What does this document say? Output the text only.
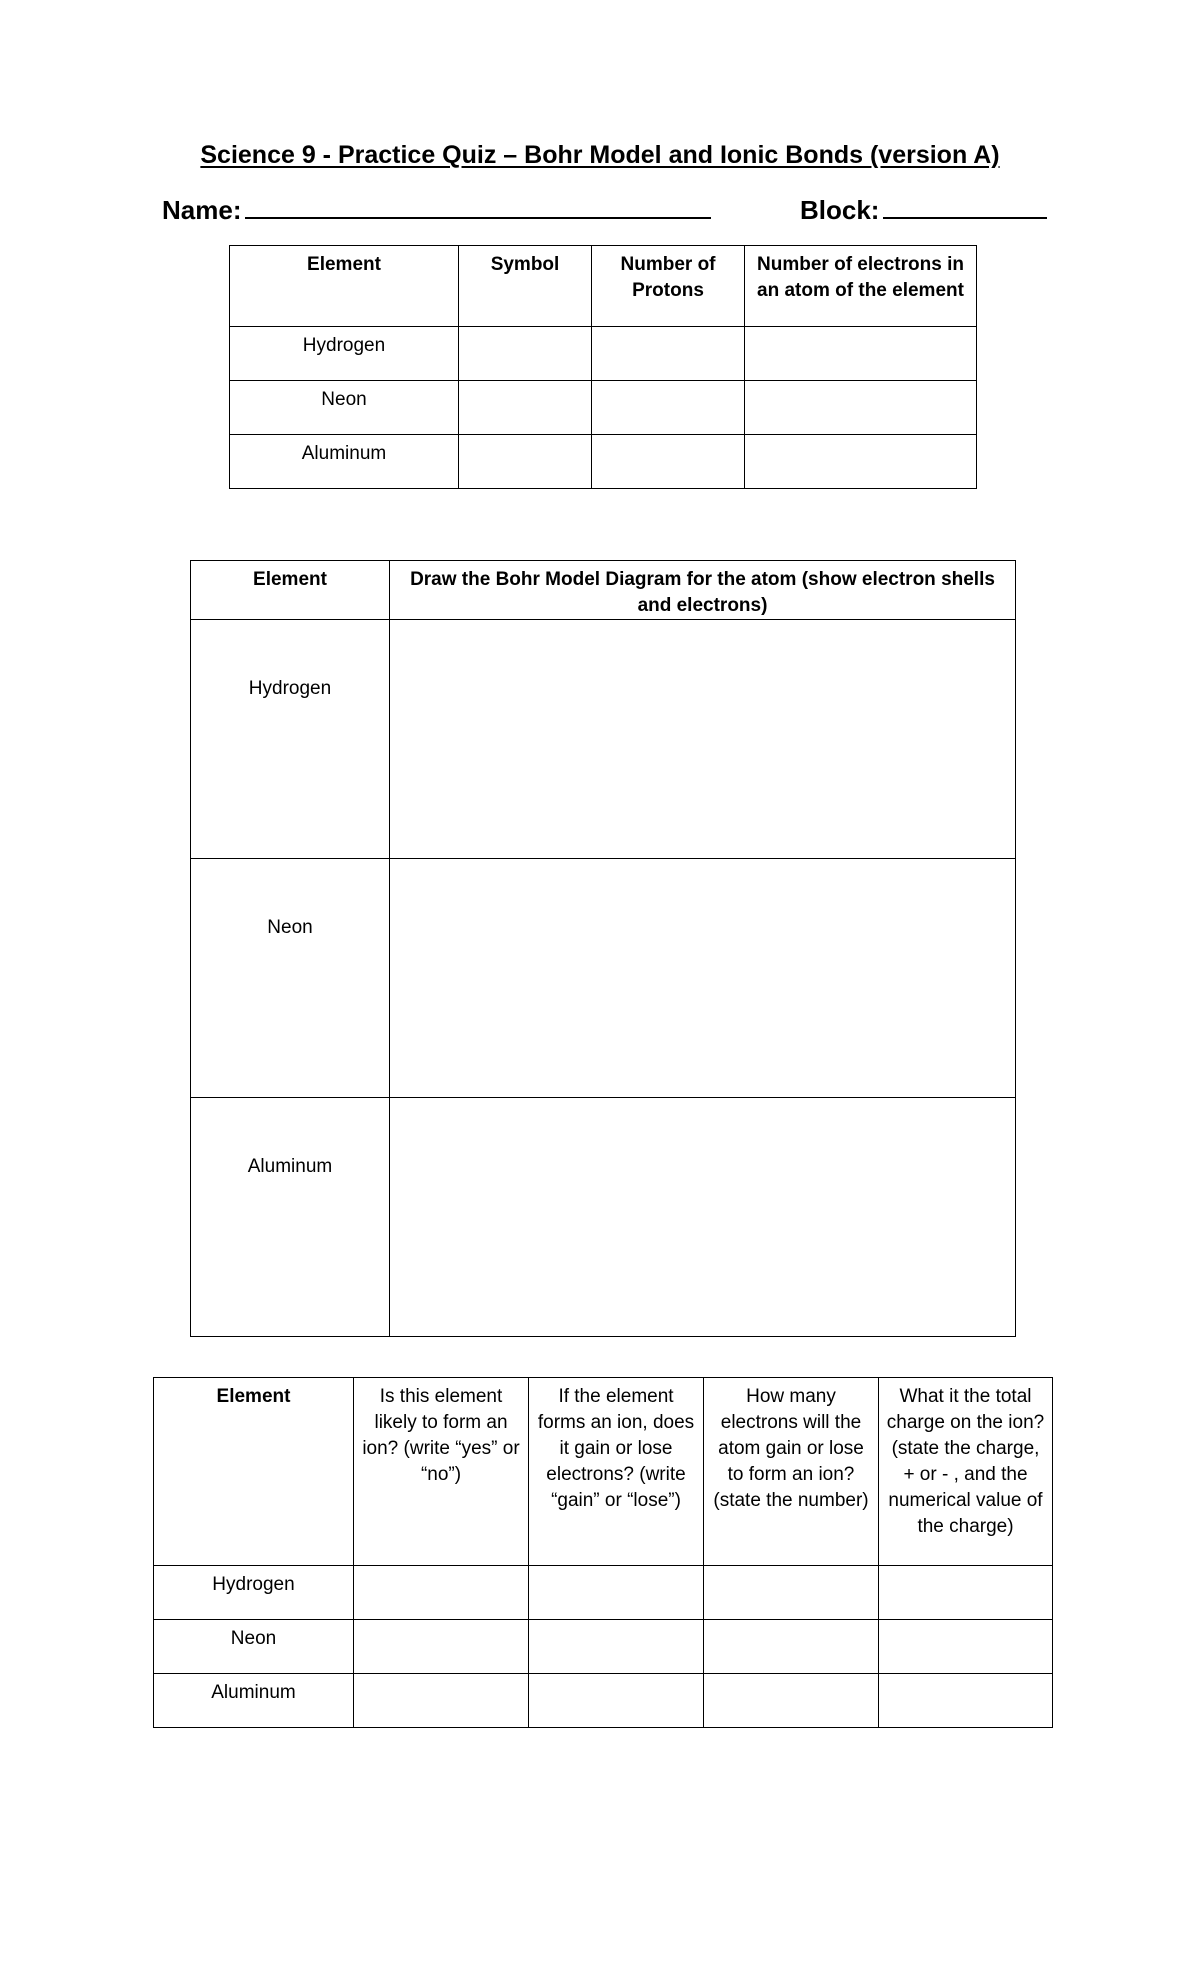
Science 9 - Practice Quiz – Bohr Model and Ionic Bonds (version A)
Name:	Block:
Element	Symbol	Number of Protons	Number of electrons in an atom of the element
Hydrogen			
Neon			
Aluminum			
Element	Draw the Bohr Model Diagram for the atom (show electron shells and electrons)
Hydrogen	
Neon	
Aluminum	
Element	Is this element likely to form an ion? (write “yes” or “no”)	If the element forms an ion, does it gain or lose electrons? (write “gain” or “lose”)	How many electrons will the atom gain or lose to form an ion? (state the number)	What it the total charge on the ion? (state the charge, + or - , and the numerical value of the charge)
Hydrogen				
Neon				
Aluminum				
